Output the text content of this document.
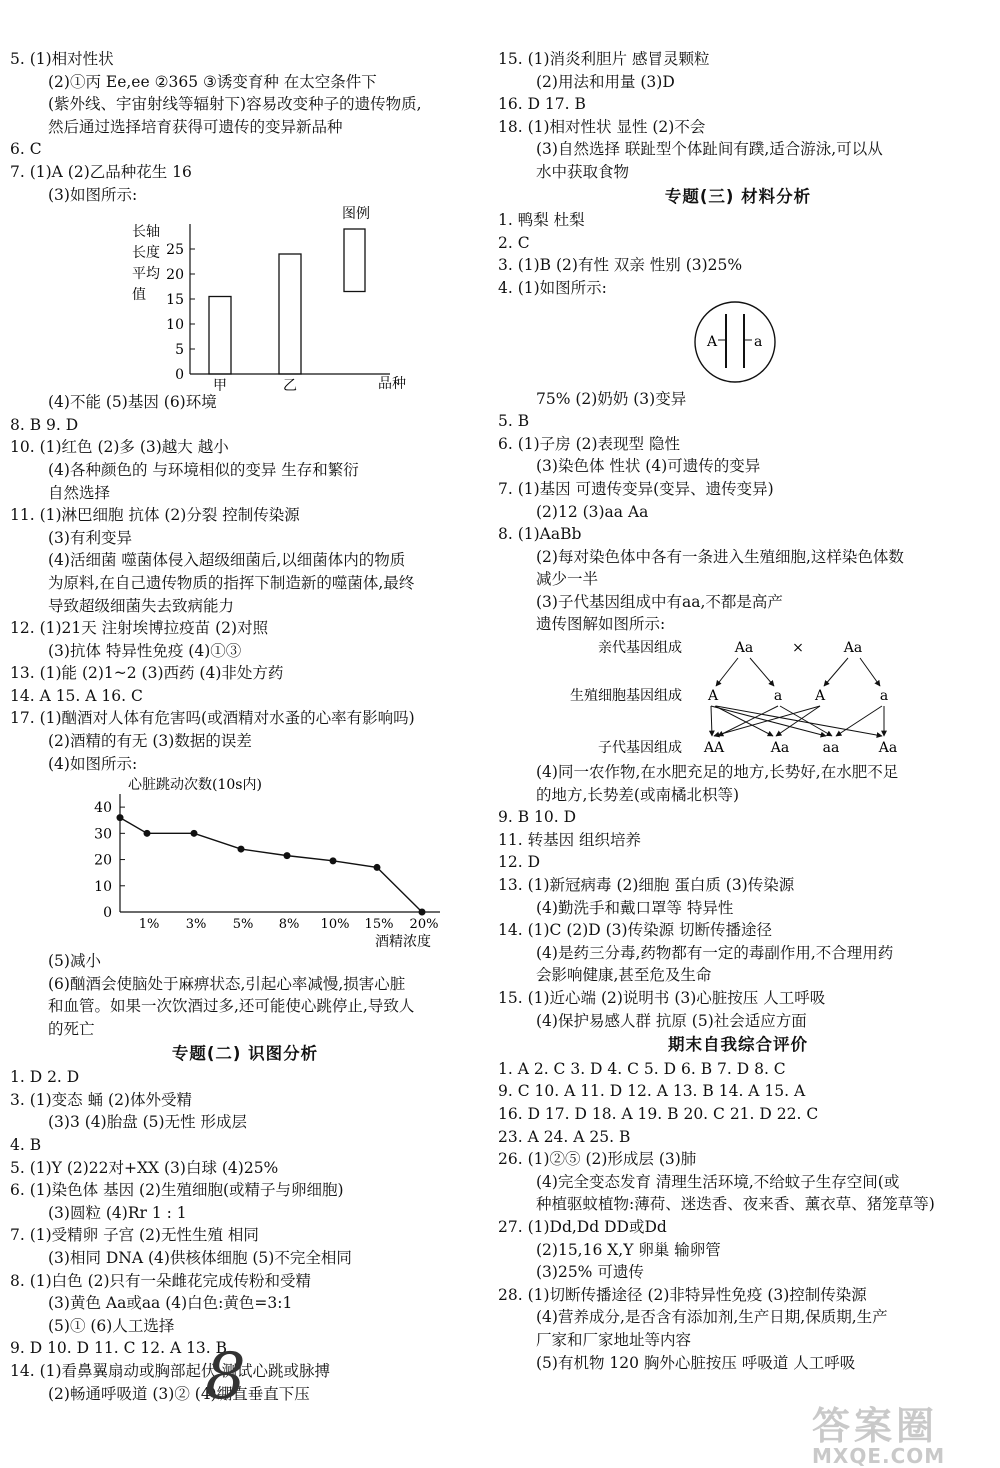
5. (1)相对性状
(2)①丙 Ee,ee ②365 ③诱变育种 在太空条件下
(紫外线、宇宙射线等辐射下)容易改变种子的遗传物质,
然后通过选择培育获得可遗传的变异新品种
6. C
7. (1)A (2)乙品种花生 16
(3)如图所示:
0
5
10
15
20
25
长轴
长度
平均
值
甲	乙	品种
图例
(4)不能 (5)基因 (6)环境
8. B 9. D
10. (1)红色 (2)多 (3)越大 越小
(4)各种颜色的 与环境相似的变异 生存和繁衍
自然选择
11. (1)淋巴细胞 抗体 (2)分裂 控制传染源
(3)有利变异
(4)活细菌 噬菌体侵入超级细菌后,以细菌体内的物质
为原料,在自己遗传物质的指挥下制造新的噬菌体,最终
导致超级细菌失去致病能力
12. (1)21天 注射埃博拉疫苗 (2)对照
(3)抗体 特异性免疫 (4)①③
13. (1)能 (2)1~2 (3)西药 (4)非处方药
14. A 15. A 16. C
17. (1)酗酒对人体有危害吗(或酒精对水蚤的心率有影响吗)
(2)酒精的有无 (3)数据的误差
(4)如图所示:
心脏跳动次数(10s内)
0
10
20
30
40
1% 3% 5% 8% 10% 15% 20%
酒精浓度
(5)减小
(6)酗酒会使脑处于麻痹状态,引起心率减慢,损害心脏
和血管。如果一次饮酒过多,还可能使心跳停止,导致人
的死亡
专题(二) 识图分析
1. D 2. D
3. (1)变态 蛹 (2)体外受精
(3)3 (4)胎盘 (5)无性 形成层
4. B
5. (1)Y (2)22对+XX (3)白球 (4)25%
6. (1)染色体 基因 (2)生殖细胞(或精子与卵细胞)
(3)圆粒 (4)Rr 1 : 1
7. (1)受精卵 子宫 (2)无性生殖 相同
(3)相同 DNA (4)供核体细胞 (5)不完全相同
8. (1)白色 (2)只有一朵雌花完成传粉和受精
(3)黄色 Aa或aa (4)白色:黄色=3:1
(5)① (6)人工选择
9. D 10. D 11. C 12. A 13. B
14. (1)看鼻翼扇动或胸部起伏 测试心跳或脉搏
(2)畅通呼吸道 (3)② (4)绷直垂直下压
15. (1)消炎利胆片 感冒灵颗粒
(2)用法和用量 (3)D
16. D 17. B
18. (1)相对性状 显性 (2)不会
(3)自然选择 联趾型个体趾间有蹼,适合游泳,可以从
水中获取食物
专题(三) 材料分析
1. 鸭梨 杜梨
2. C
3. (1)B (2)有性 双亲 性别 (3)25%
4. (1)如图所示:
A	a
75% (2)奶奶 (3)变异
5. B
6. (1)子房 (2)表现型 隐性
(3)染色体 性状 (4)可遗传的变异
7. (1)基因 可遗传变异(变异、遗传变异)
(2)12 (3)aa Aa
8. (1)AaBb
(2)每对染色体中各有一条进入生殖细胞,这样染色体数
减少一半
(3)子代基因组成中有aa,不都是高产
遗传图解如图所示:
亲代基因组成
生殖细胞基因组成
子代基因组成
Aa	×	Aa
A	a A	a
AA	Aa aa	Aa
(4)同一农作物,在水肥充足的地方,长势好,在水肥不足
的地方,长势差(或南橘北枳等)
9. B 10. D
11. 转基因 组织培养
12. D
13. (1)新冠病毒 (2)细胞 蛋白质 (3)传染源
(4)勤洗手和戴口罩等 特异性
14. (1)C (2)D (3)传染源 切断传播途径
(4)是药三分毒,药物都有一定的毒副作用,不合理用药
会影响健康,甚至危及生命
15. (1)近心端 (2)说明书 (3)心脏按压 人工呼吸
(4)保护易感人群 抗原 (5)社会适应方面
期末自我综合评价
1. A 2. C 3. D 4. C 5. D 6. B 7. D 8. C
9. C 10. A 11. D 12. A 13. B 14. A 15. A
16. D 17. D 18. A 19. B 20. C 21. D 22. C
23. A 24. A 25. B
26. (1)②⑤ (2)形成层 (3)肺
(4)完全变态发育 清理生活环境,不给蚊子生存空间(或
种植驱蚊植物:薄荷、迷迭香、夜来香、薰衣草、猪笼草等)
27. (1)Dd,Dd DD或Dd
(2)15,16 X,Y 卵巢 输卵管
(3)25% 可遗传
28. (1)切断传播途径 (2)非特异性免疫 (3)控制传染源
(4)营养成分,是否含有添加剂,生产日期,保质期,生产
厂家和厂家地址等内容
(5)有机物 120 胸外心脏按压 呼吸道 人工呼吸
8
答案圈
MXQE.COM
